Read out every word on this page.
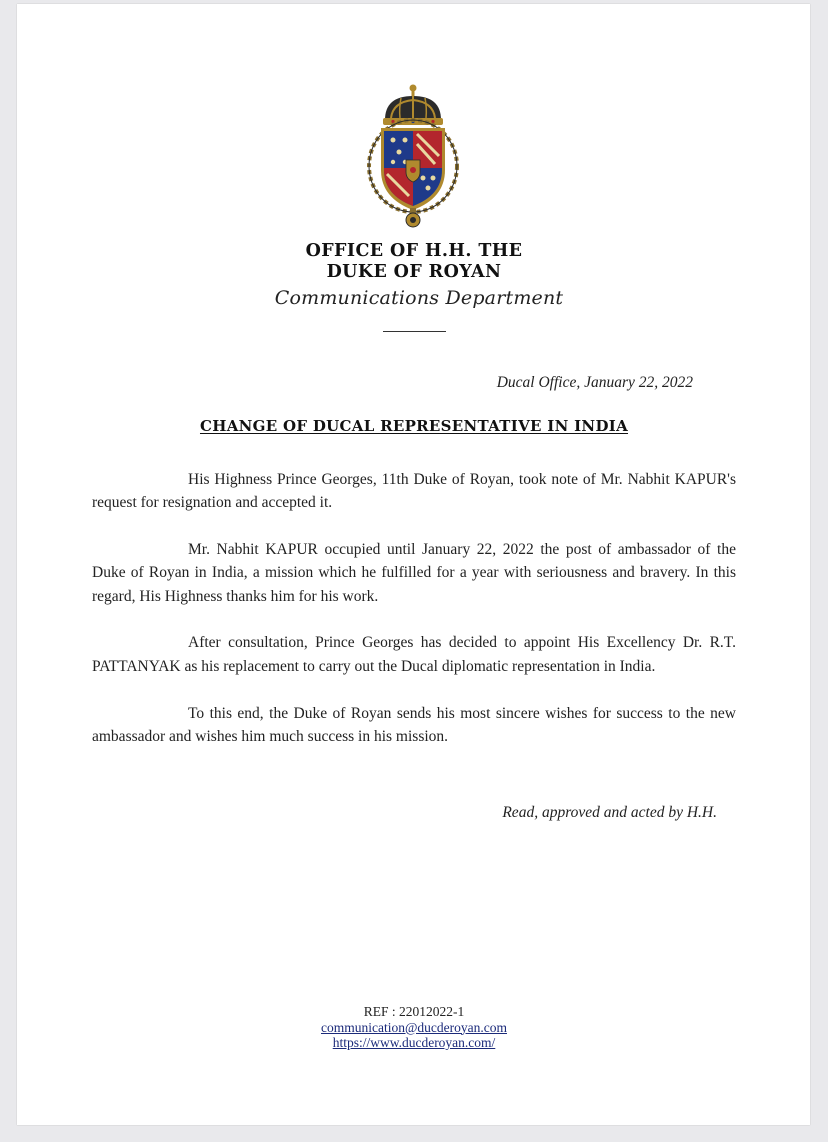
OFFICE OF H.H. THE
DUKE OF ROYAN
Communications Department
Ducal Office, January 22, 2022
CHANGE OF DUCAL REPRESENTATIVE IN INDIA

His Highness Prince Georges, 11th Duke of Royan, took note of Mr. Nabhit KAPUR's request for resignation and accepted it.

Mr. Nabhit KAPUR occupied until January 22, 2022 the post of ambassador of the Duke of Royan in India, a mission which he fulfilled for a year with seriousness and bravery. In this regard, His Highness thanks him for his work.

After consultation, Prince Georges has decided to appoint His Excellency Dr. R.T. PATTANYAK as his replacement to carry out the Ducal diplomatic representation in India.

To this end, the Duke of Royan sends his most sincere wishes for success to the new ambassador and wishes him much success in his mission.

Read, approved and acted by H.H.
REF : 22012022-1
communication@ducderoyan.com
https://www.ducderoyan.com/
